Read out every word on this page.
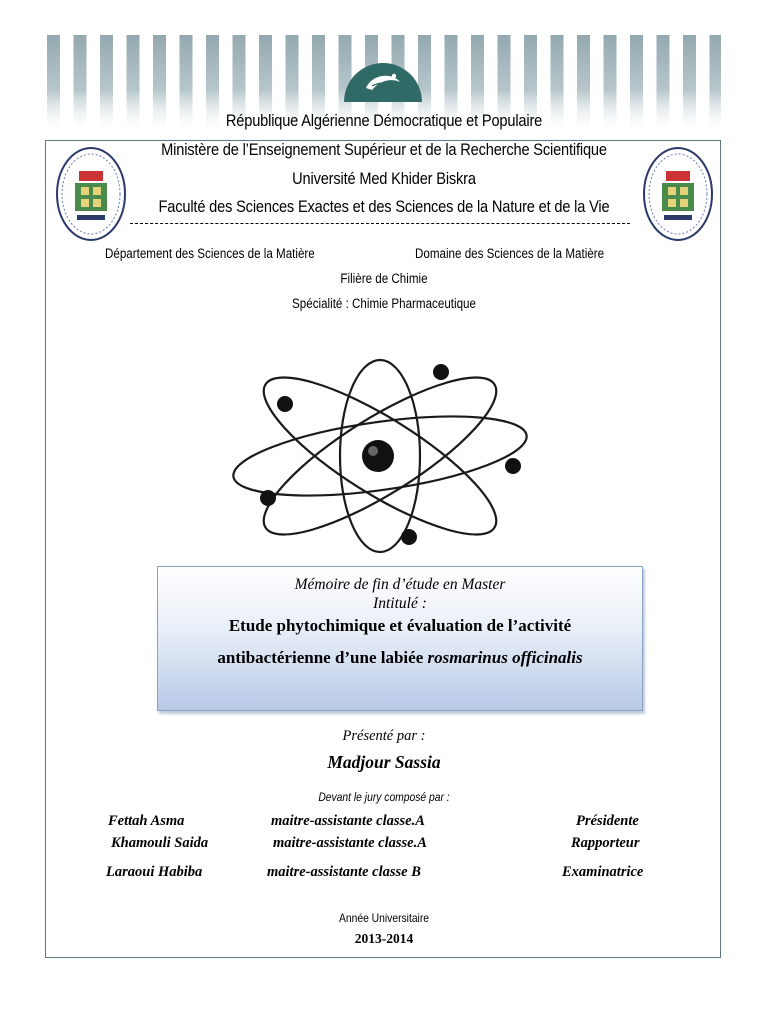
République Algérienne Démocratique et Populaire
Ministère de l’Enseignement Supérieur et de la Recherche Scientifique
Université Med Khider Biskra
Faculté des Sciences Exactes et des Sciences de la Nature et de la Vie
Département des Sciences de la Matière	Domaine des Sciences de la Matière
Filière de Chimie
Spécialité : Chimie Pharmaceutique
Mémoire de fin d’étude en Master
Intitulé :
Etude phytochimique et évaluation de l’activité
antibactérienne d’une labiée rosmarinus officinalis
Présenté par :
Madjour Sassia
Devant le jury composé par :
Fettah Asma	maitre-assistante classe.A	Présidente
Khamouli Saida	maitre-assistante classe.A	Rapporteur
Laraoui Habiba	maitre-assistante classe B	Examinatrice
Année Universitaire
2013-2014
